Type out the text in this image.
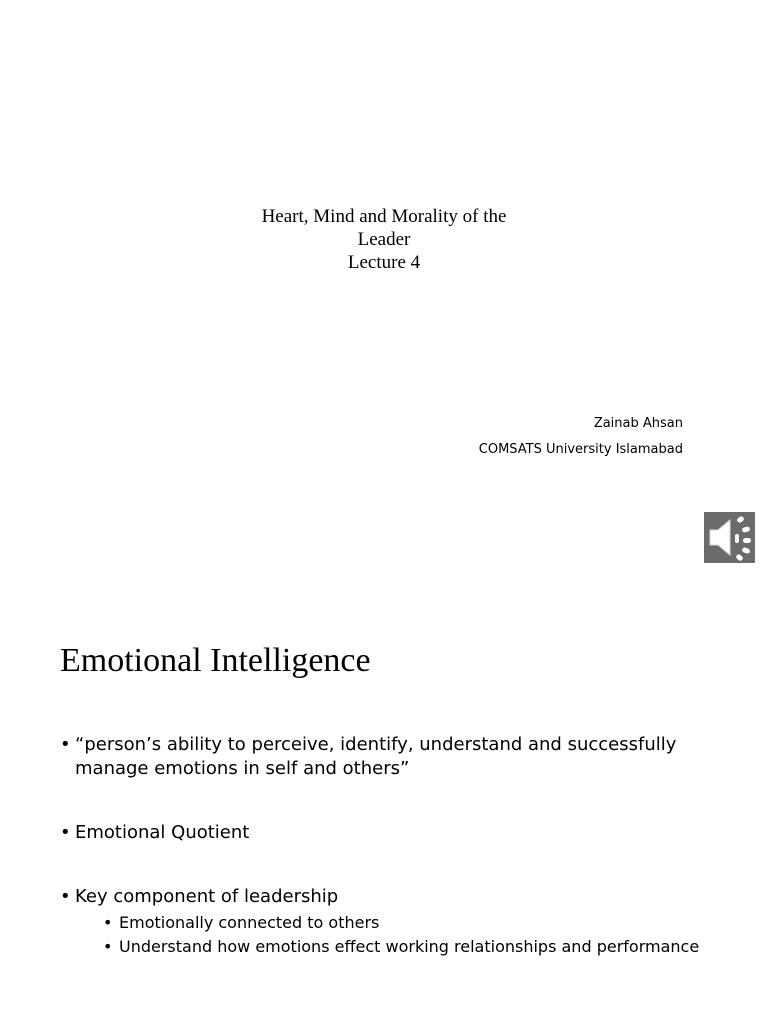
Heart, Mind and Morality of the
Leader
Lecture 4
Zainab Ahsan
COMSATS University Islamabad
Emotional Intelligence
• “person’s ability to perceive, identify, understand and successfully manage emotions in self and others”
• Emotional Quotient
• Key component of leadership
• Emotionally connected to others
• Understand how emotions effect working relationships and performance
